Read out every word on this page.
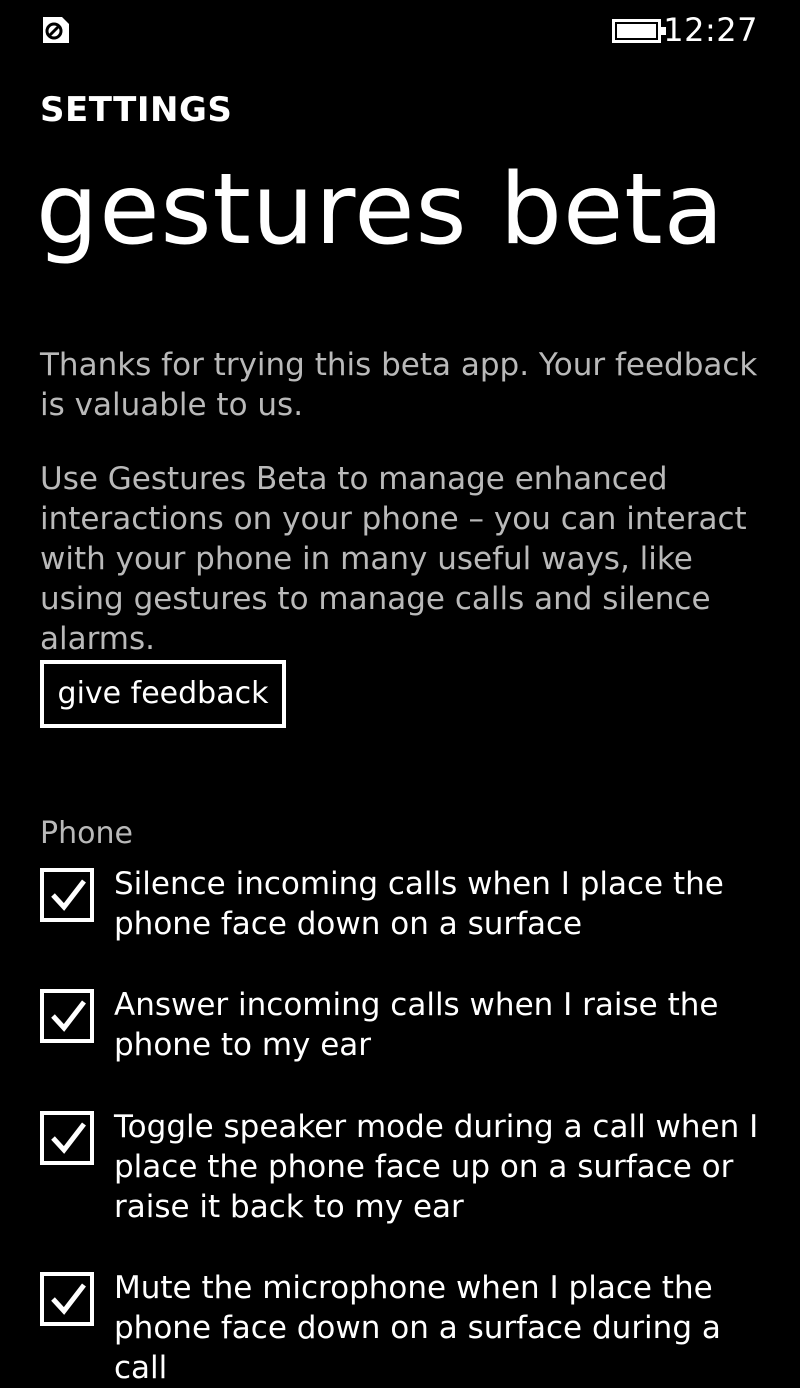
12:27
SETTINGS
gestures beta

Thanks for trying this beta app. Your feedback is valuable to us.

Use Gestures Beta to manage enhanced interactions on your phone – you can interact with your phone in many useful ways, like using gestures to manage calls and silence alarms.

give feedback
Phone
Silence incoming calls when I place the phone face down on a surface
Answer incoming calls when I raise the phone to my ear
Toggle speaker mode during a call when I place the phone face up on a surface or raise it back to my ear
Mute the microphone when I place the phone face down on a surface during a call
